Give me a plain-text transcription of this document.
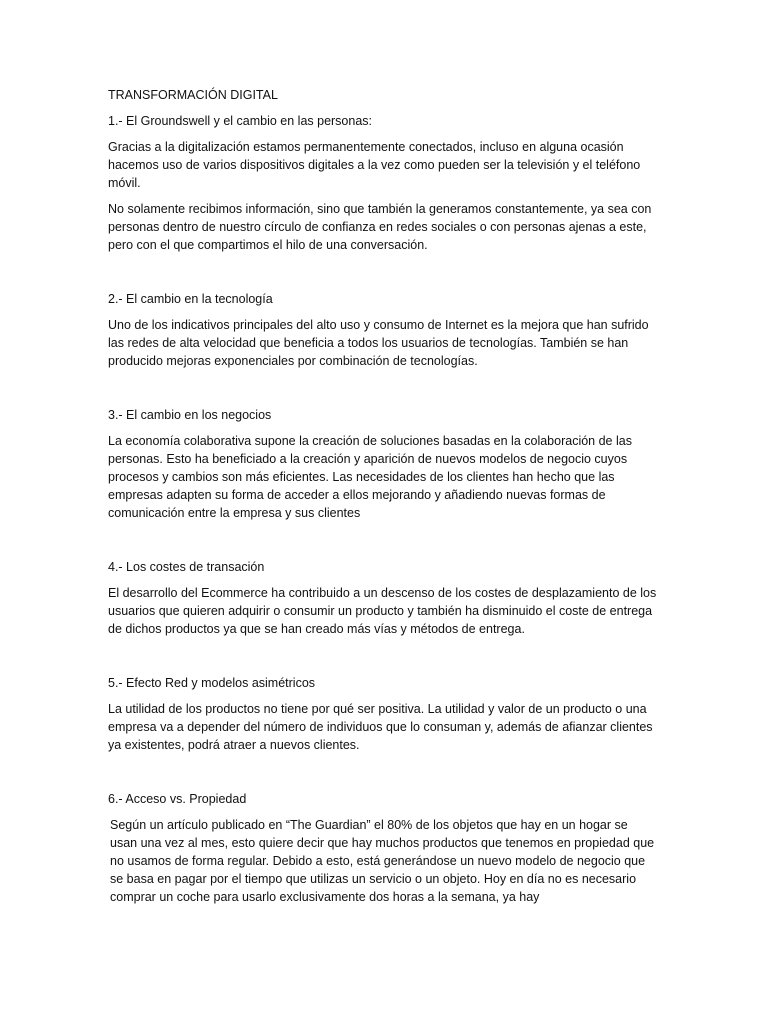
TRANSFORMACIÓN DIGITAL

1.- El Groundswell y el cambio en las personas:

Gracias a la digitalización estamos permanentemente conectados, incluso en alguna ocasión hacemos uso de varios dispositivos digitales a la vez como pueden ser la televisión y el teléfono móvil.

No solamente recibimos información, sino que también la generamos constantemente, ya sea con personas dentro de nuestro círculo de confianza en redes sociales o con personas ajenas a este, pero con el que compartimos el hilo de una conversación.

2.- El cambio en la tecnología

Uno de los indicativos principales del alto uso y consumo de Internet es la mejora que han sufrido las redes de alta velocidad que beneficia a todos los usuarios de tecnologías. También se han producido mejoras exponenciales por combinación de tecnologías.

3.- El cambio en los negocios

La economía colaborativa supone la creación de soluciones basadas en la colaboración de las personas. Esto ha beneficiado a la creación y aparición de nuevos modelos de negocio cuyos procesos y cambios son más eficientes. Las necesidades de los clientes han hecho que las empresas adapten su forma de acceder a ellos mejorando y añadiendo nuevas formas de comunicación entre la empresa y sus clientes

4.- Los costes de transación

El desarrollo del Ecommerce ha contribuido a un descenso de los costes de desplazamiento de los usuarios que quieren adquirir o consumir un producto y también ha disminuido el coste de entrega de dichos productos ya que se han creado más vías y métodos de entrega.

5.- Efecto Red y modelos asimétricos

La utilidad de los productos no tiene por qué ser positiva. La utilidad y valor de un producto o una empresa va a depender del número de individuos que lo consuman y, además de afianzar clientes ya existentes, podrá atraer a nuevos clientes.

6.- Acceso vs. Propiedad

Según un artículo publicado en “The Guardian” el 80% de los objetos que hay en un hogar se usan una vez al mes, esto quiere decir que hay muchos productos que tenemos en propiedad que no usamos de forma regular. Debido a esto, está generándose un nuevo modelo de negocio que se basa en pagar por el tiempo que utilizas un servicio o un objeto. Hoy en día no es necesario comprar un coche para usarlo exclusivamente dos horas a la semana, ya hay
